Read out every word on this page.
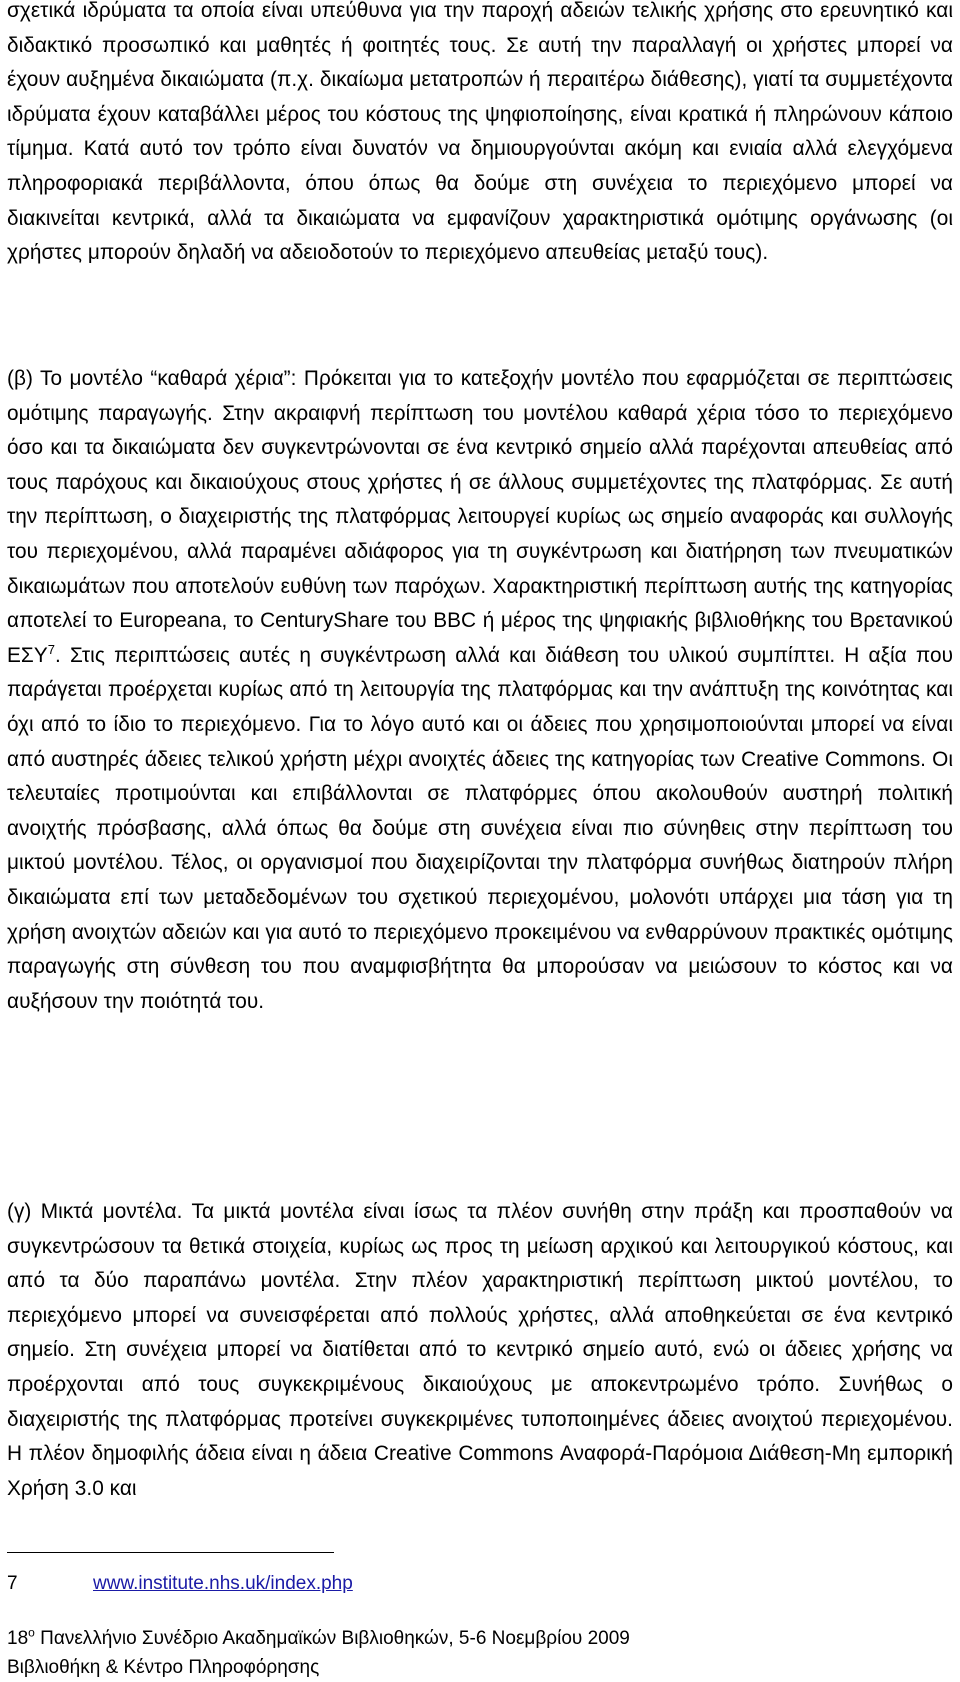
σχετικά ιδρύματα τα οποία είναι υπεύθυνα για την παροχή αδειών τελικής χρήσης στο ερευνητικό και διδακτικό προσωπικό και μαθητές ή φοιτητές τους. Σε αυτή την παραλλαγή οι χρήστες μπορεί να έχουν αυξημένα δικαιώματα (π.χ. δικαίωμα μετατροπών ή περαιτέρω διάθεσης), γιατί τα συμμετέχοντα ιδρύματα έχουν καταβάλλει μέρος του κόστους της ψηφιοποίησης, είναι κρατικά ή πληρώνουν κάποιο τίμημα. Κατά αυτό τον τρόπο είναι δυνατόν να δημιουργούνται ακόμη και ενιαία αλλά ελεγχόμενα πληροφοριακά περιβάλλοντα, όπου όπως θα δούμε στη συνέχεια το περιεχόμενο μπορεί να διακινείται κεντρικά, αλλά τα δικαιώματα να εμφανίζουν χαρακτηριστικά ομότιμης οργάνωσης (οι χρήστες μπορούν δηλαδή να αδειοδοτούν το περιεχόμενο απευθείας μεταξύ τους).

(β) Το μοντέλο “καθαρά χέρια”: Πρόκειται για το κατεξοχήν μοντέλο που εφαρμόζεται σε περιπτώσεις ομότιμης παραγωγής. Στην ακραιφνή περίπτωση του μοντέλου καθαρά χέρια τόσο το περιεχόμενο όσο και τα δικαιώματα δεν συγκεντρώνονται σε ένα κεντρικό σημείο αλλά παρέχονται απευθείας από τους παρόχους και δικαιούχους στους χρήστες ή σε άλλους συμμετέχοντες της πλατφόρμας. Σε αυτή την περίπτωση, ο διαχειριστής της πλατφόρμας λειτουργεί κυρίως ως σημείο αναφοράς και συλλογής του περιεχομένου, αλλά παραμένει αδιάφορος για τη συγκέντρωση και διατήρηση των πνευματικών δικαιωμάτων που αποτελούν ευθύνη των παρόχων. Χαρακτηριστική περίπτωση αυτής της κατηγορίας αποτελεί το Europeana, το CenturyShare του BBC ή μέρος της ψηφιακής βιβλιοθήκης του Βρετανικού ΕΣΥ$^7$. Στις περιπτώσεις αυτές η συγκέντρωση αλλά και διάθεση του υλικού συμπίπτει. Η αξία που παράγεται προέρχεται κυρίως από τη λειτουργία της πλατφόρμας και την ανάπτυξη της κοινότητας και όχι από το ίδιο το περιεχόμενο. Για το λόγο αυτό και οι άδειες που χρησιμοποιούνται μπορεί να είναι από αυστηρές άδειες τελικού χρήστη μέχρι ανοιχτές άδειες της κατηγορίας των Creative Commons. Οι τελευταίες προτιμούνται και επιβάλλονται σε πλατφόρμες όπου ακολουθούν αυστηρή πολιτική ανοιχτής πρόσβασης, αλλά όπως θα δούμε στη συνέχεια είναι πιο σύνηθεις στην περίπτωση του μικτού μοντέλου. Τέλος, οι οργανισμοί που διαχειρίζονται την πλατφόρμα συνήθως διατηρούν πλήρη δικαιώματα επί των μεταδεδομένων του σχετικού περιεχομένου, μολονότι υπάρχει μια τάση για τη χρήση ανοιχτών αδειών και για αυτό το περιεχόμενο προκειμένου να ενθαρρύνουν πρακτικές ομότιμης παραγωγής στη σύνθεση του που αναμφισβήτητα θα μπορούσαν να μειώσουν το κόστος και να αυξήσουν την ποιότητά του.

(γ) Μικτά μοντέλα. Τα μικτά μοντέλα είναι ίσως τα πλέον συνήθη στην πράξη και προσπαθούν να συγκεντρώσουν τα θετικά στοιχεία, κυρίως ως προς τη μείωση αρχικού και λειτουργικού κόστους, και από τα δύο παραπάνω μοντέλα. Στην πλέον χαρακτηριστική περίπτωση μικτού μοντέλου, το περιεχόμενο μπορεί να συνεισφέρεται από πολλούς χρήστες, αλλά αποθηκεύεται σε ένα κεντρικό σημείο. Στη συνέχεια μπορεί να διατίθεται από το κεντρικό σημείο αυτό, ενώ οι άδειες χρήσης να προέρχονται από τους συγκεκριμένους δικαιούχους με αποκεντρωμένο τρόπο. Συνήθως ο διαχειριστής της πλατφόρμας προτείνει συγκεκριμένες τυποποιημένες άδειες ανοιχτού περιεχομένου. Η πλέον δημοφιλής άδεια είναι η άδεια Creative Commons Αναφορά-Παρόμοια Διάθεση-Μη εμπορική Χρήση 3.0 και

7	www.institute.nhs.uk/index.php
$18^o$ Πανελλήνιο Συνέδριο Ακαδημαϊκών Βιβλιοθηκών, 5-6 Νοεμβρίου 2009
Βιβλιοθήκη & Κέντρο Πληροφόρησης
